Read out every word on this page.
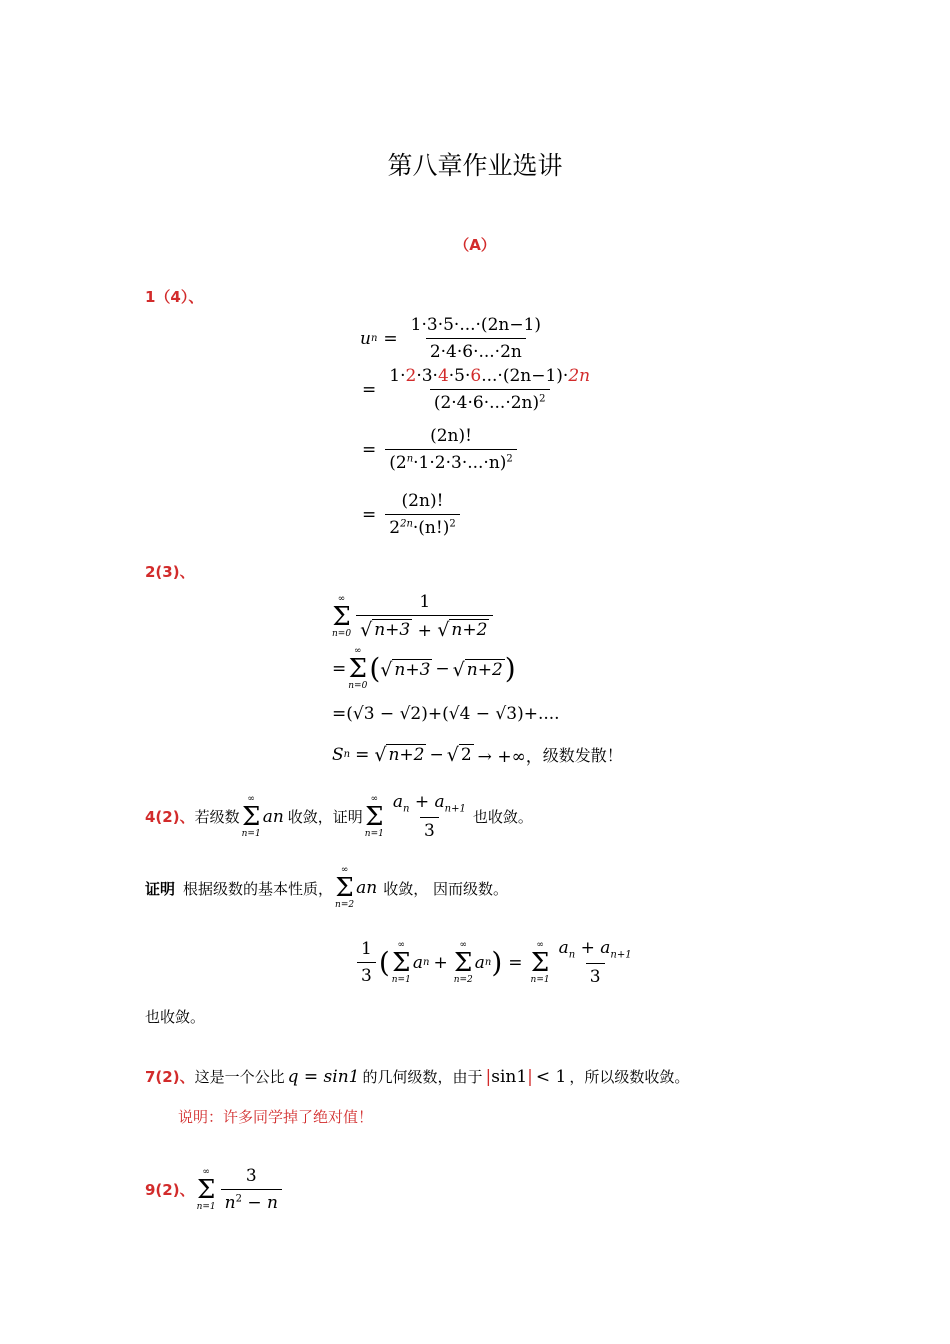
第八章作业选讲
（A）
1（4）、
u $n = \frac{1\cdot 3\cdot 5\cdot...\cdot(2n-1)}{2\cdot 4\cdot 6\cdot...\cdot 2n}$
= $\frac{1\cdot 2\cdot 3\cdot 4\cdot 5\cdot 6...\cdot(2n-1)\cdot 2n}{(2\cdot 4\cdot 6\cdot...\cdot 2n)^2}$
= $\frac{(2n)!}{(2^n\cdot 1\cdot 2\cdot 3\cdot...\cdot n)^2}$
= $\frac{(2n)!}{2^{2n}\cdot(n!)^2}$
2(3)、
∞
Σ
$n=0 \frac{1}{√ n+3 + √ n+2}$
=
∞
Σ
n=0
( √ n+3 − √ n+2 )
=(√3 − √2)+(√4 − √3)+....
S n = √ n+2 − √ 2 → +∞， 级数发散！
4(2)、 若级数
∞
Σ
n=1
a n 收敛，证明
∞
Σ
$n=1 \frac{a_n + a_{n+1}}{3}$ 也收敛。
证明 根据级数的基本性质，
∞
Σ
n=2
a n 收敛， 因而级数。
$\frac{1}{3}$ (
∞
Σ
n=1
a n +
∞
Σ
n=2
a n ) =
∞
Σ
$n=1 \frac{a_n + a_{n+1}}{3}$
也收敛。
7(2)、 这是一个公比 q = sin1 的几何级数，由于 |sin1| < 1 ，所以级数收敛。
说明：许多同学掉了绝对值！
9(2)、
∞
Σ
$n=1 \frac{3}{n^2 - n}$
